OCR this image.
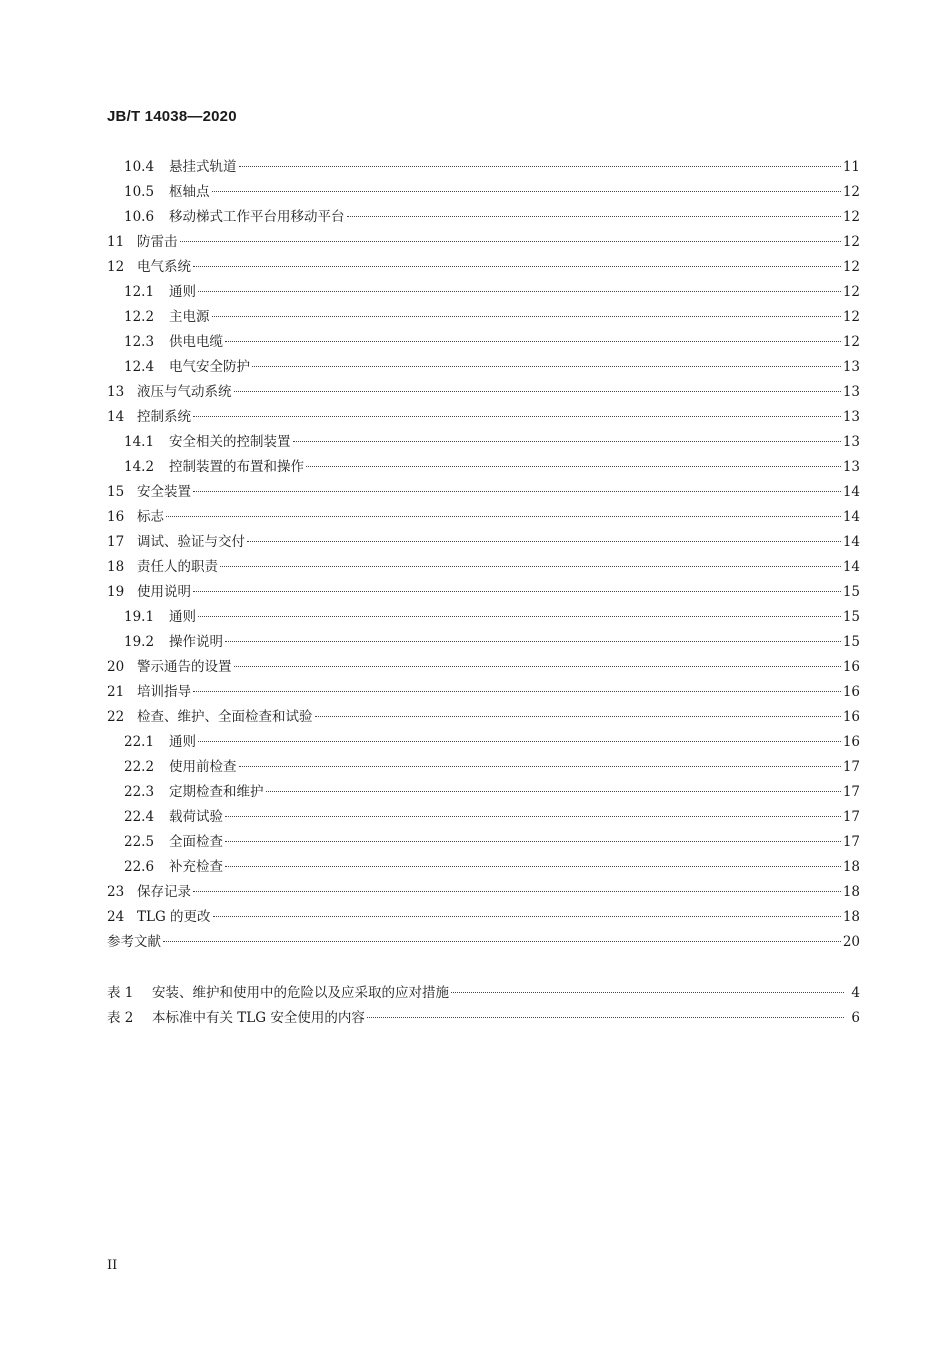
JB/T 14038—2020
10.4	悬挂式轨道	11
10.5	枢轴点	12
10.6	移动梯式工作平台用移动平台	12
11 防雷击	12
12 电气系统	12
12.1	通则	12
12.2	主电源	12
12.3	供电电缆	12
12.4	电气安全防护	13
13 液压与气动系统	13
14 控制系统	13
14.1	安全相关的控制装置	13
14.2	控制装置的布置和操作	13
15 安全装置	14
16 标志	14
17 调试、验证与交付	14
18 责任人的职责	14
19 使用说明	15
19.1	通则	15
19.2	操作说明	15
20 警示通告的设置	16
21 培训指导	16
22 检查、维护、全面检查和试验	16
22.1	通则	16
22.2	使用前检查	17
22.3	定期检查和维护	17
22.4	载荷试验	17
22.5	全面检查	17
22.6	补充检查	18
23 保存记录	18
24 TLG 的更改	18
参考文献	20
表 1	安装、维护和使用中的危险以及应采取的应对措施	4
表 2	本标准中有关 TLG 安全使用的内容	6
II
